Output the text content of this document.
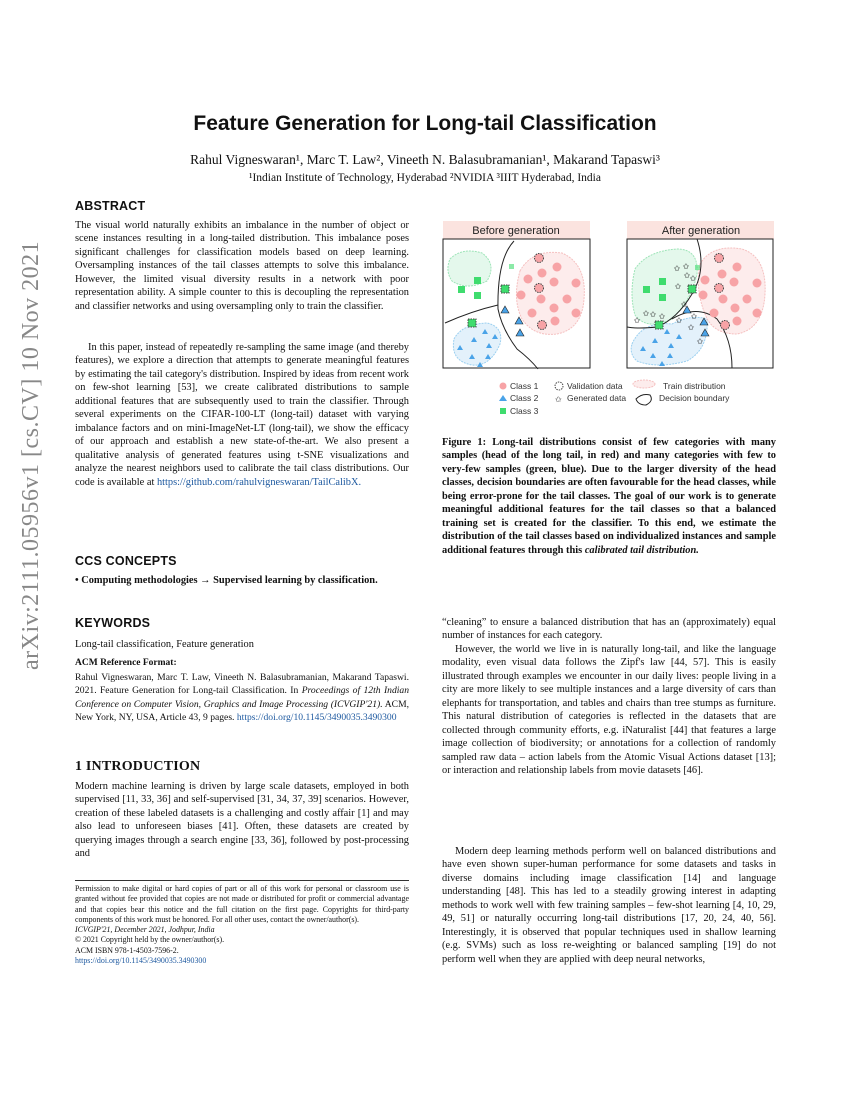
arXiv:2111.05956v1 [cs.CV] 10 Nov 2021
Feature Generation for Long-tail Classification
Rahul Vigneswaran¹, Marc T. Law², Vineeth N. Balasubramanian¹, Makarand Tapaswi³
¹Indian Institute of Technology, Hyderabad ²NVIDIA ³IIIT Hyderabad, India
ABSTRACT
The visual world naturally exhibits an imbalance in the number of object or scene instances resulting in a long-tailed distribution. This imbalance poses significant challenges for classification models based on deep learning. Oversampling instances of the tail classes attempts to solve this imbalance. However, the limited visual diversity results in a network with poor representation ability. A simple counter to this is decoupling the representation and classifier networks and using oversampling only to train the classifier.
In this paper, instead of repeatedly re-sampling the same image (and thereby features), we explore a direction that attempts to generate meaningful features by estimating the tail category's distribution. Inspired by ideas from recent work on few-shot learning [53], we create calibrated distributions to sample additional features that are subsequently used to train the classifier. Through several experiments on the CIFAR-100-LT (long-tail) dataset with varying imbalance factors and on mini-ImageNet-LT (long-tail), we show the efficacy of our approach and establish a new state-of-the-art. We also present a qualitative analysis of generated features using t-SNE visualizations and analyze the nearest neighbors used to calibrate the tail class distributions. Our code is available at https://github.com/rahulvigneswaran/TailCalibX.
CCS CONCEPTS
• Computing methodologies → Supervised learning by classification.
KEYWORDS
Long-tail classification, Feature generation
ACM Reference Format:
Rahul Vigneswaran, Marc T. Law, Vineeth N. Balasubramanian, Makarand Tapaswi. 2021. Feature Generation for Long-tail Classification. In Proceedings of 12th Indian Conference on Computer Vision, Graphics and Image Processing (ICVGIP'21). ACM, New York, NY, USA, Article 43, 9 pages. https://doi.org/10.1145/3490035.3490300
1 INTRODUCTION
Modern machine learning is driven by large scale datasets, employed in both supervised [11, 33, 36] and self-supervised [31, 34, 37, 39] scenarios. However, creation of these labeled datasets is a challenging and costly affair [1] and may also lead to unforeseen biases [41]. Often, these datasets are created by querying images through a search engine [33, 36], followed by post-processing and
Permission to make digital or hard copies of part or all of this work for personal or classroom use is granted without fee provided that copies are not made or distributed for profit or commercial advantage and that copies bear this notice and the full citation on the first page. Copyrights for third-party components of this work must be honored. For all other uses, contact the owner/author(s).
ICVGIP'21, December 2021, Jodhpur, India
© 2021 Copyright held by the owner/author(s).
ACM ISBN 978-1-4503-7596-2.
https://doi.org/10.1145/3490035.3490300
Before generation	After generation
✩ ✩
✩ ✩
✩
✩
✩ ✩ ✩
✩	✩ ✩
✩
✩
Class 1
Class 2
Class 3
Validation data
✩ Generated data
Train distribution
Decision boundary
Figure 1: Long-tail distributions consist of few categories with many samples (head of the long tail, in red) and many categories with few to very-few samples (green, blue). Due to the larger diversity of the head classes, decision boundaries are often favourable for the head classes, while being error-prone for the tail classes. The goal of our work is to generate meaningful additional features for the tail classes so that a balanced training set is created for the classifier. To this end, we estimate the distribution of the tail classes based on individualized instances and sample additional features through this calibrated tail distribution.
“cleaning” to ensure a balanced distribution that has an (approximately) equal number of instances for each category.
However, the world we live in is naturally long-tail, and like the language modality, even visual data follows the Zipf's law [44, 57]. This is easily illustrated through examples we encounter in our daily lives: people living in a city are more likely to see multiple instances and a large diversity of cars than elephants for transportation, and tables and chairs than tree stumps as furniture. This natural distribution of categories is reflected in the datasets that are collected through community efforts, e.g. iNaturalist [44] that features a large image collection of biodiversity; or annotations for a collection of randomly sampled raw data – action labels from the Atomic Visual Actions dataset [13]; or interaction and relationship labels from movie datasets [46].
Modern deep learning methods perform well on balanced distributions and have even shown super-human performance for some datasets and tasks in diverse domains including image classification [14] and language understanding [48]. This has led to a steadily growing interest in adapting methods to work well with few training samples – few-shot learning [4, 10, 29, 49, 51] or naturally occurring long-tail distributions [17, 20, 24, 40, 56]. Interestingly, it is observed that popular techniques used in shallow learning (e.g. SVMs) such as loss re-weighting or balanced sampling [19] do not perform well when they are applied with deep neural networks,
